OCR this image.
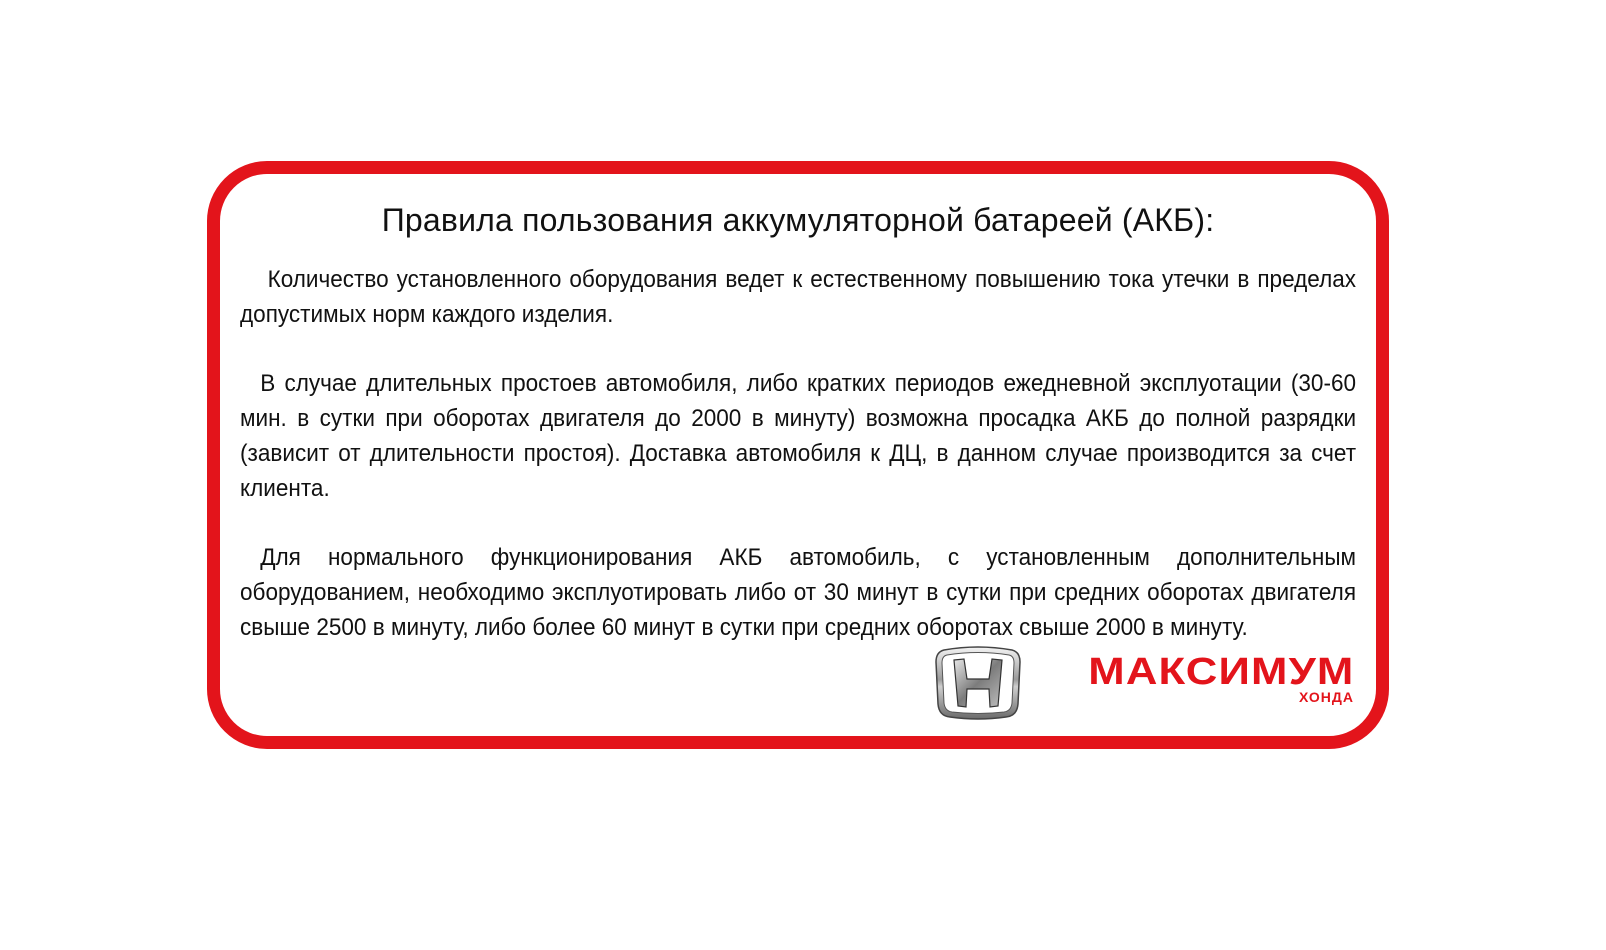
Правила пользования аккумуляторной батареей (АКБ):

Количество установленного оборудования ведет к естественному повышению тока утечки в пределах допустимых норм каждого изделия.

В случае длительных простоев автомобиля, либо кратких периодов ежедневной эксплуотации (30-60 мин. в сутки при оборотах двигателя до 2000 в минуту) возможна просадка АКБ до полной разрядки (зависит от длительности простоя). Доставка автомобиля к ДЦ, в данном случае производится за счет клиента.

Для нормального функционирования АКБ автомобиль, с установленным дополнительным оборудованием, необходимо эксплуотировать либо от 30 минут в сутки при средних оборотах двигателя свыше 2500 в минуту, либо более 60 минут в сутки при средних оборотах свыше 2000 в минуту.

МАКСИМУМ
ХОНДА
